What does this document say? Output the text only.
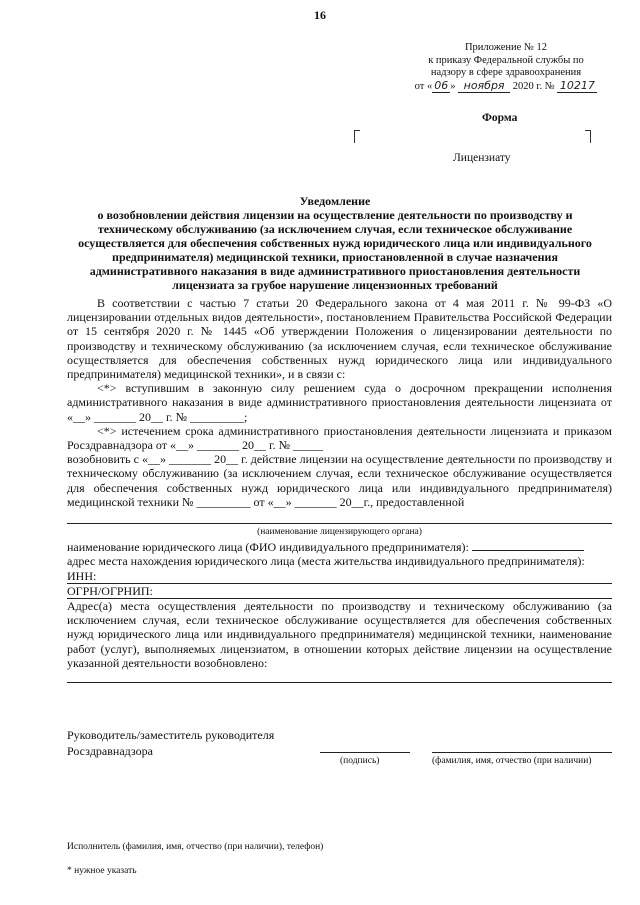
16
Приложение № 12
к приказу Федеральной службы по
надзору в сфере здравоохранения
от « 06 » ноября 2020 г. № 10217
Форма
Лицензиату
Уведомление
о возобновлении действия лицензии на осуществление деятельности по производству и техническому обслуживанию (за исключением случая, если техническое обслуживание осуществляется для обеспечения собственных нужд юридического лица или индивидуального предпринимателя) медицинской техники, приостановленной в случае назначения административного наказания в виде административного приостановления деятельности лицензиата за грубое нарушение лицензионных требований

В соответствии с частью 7 статьи 20 Федерального закона от 4 мая 2011 г. № 99-ФЗ «О лицензировании отдельных видов деятельности», постановлением Правительства Российской Федерации от 15 сентября 2020 г. № 1445 «Об утверждении Положения о лицензировании деятельности по производству и техническому обслуживанию (за исключением случая, если техническое обслуживание осуществляется для обеспечения собственных нужд юридического лица или индивидуального предпринимателя) медицинской техники», и в связи с:

<*> вступившим в законную силу решением суда о досрочном прекращении исполнения административного наказания в виде административного приостановления деятельности лицензиата от «__» _______ 20__ г. № _________;

<*> истечением срока административного приостановления деятельности лицензиата и приказом Росздравнадзора от «__» _______ 20__ г. № _____

возобновить с «__» _______ 20__ г. действие лицензии на осуществление деятельности по производству и техническому обслуживанию (за исключением случая, если техническое обслуживание осуществляется для обеспечения собственных нужд юридического лица или индивидуального предпринимателя) медицинской техники № _________ от «__» _______ 20__г., предоставленной

(наименование лицензирующего органа)

наименование юридического лица (ФИО индивидуального предпринимателя):

адрес места нахождения юридического лица (места жительства индивидуального предпринимателя):

ИНН:

ОГРН/ОГРНИП:

Адрес(а) места осуществления деятельности по производству и техническому обслуживанию (за исключением случая, если техническое обслуживание осуществляется для обеспечения собственных нужд юридического лица или индивидуального предпринимателя) медицинской техники, наименование работ (услуг), выполняемых лицензиатом, в отношении которых действие лицензии на осуществление указанной деятельности возобновлено:

Руководитель/заместитель руководителя
Росздравнадзора
(подпись)	(фамилия, имя, отчество (при наличии)
Исполнитель (фамилия, имя, отчество (при наличии), телефон)
* нужное указать
